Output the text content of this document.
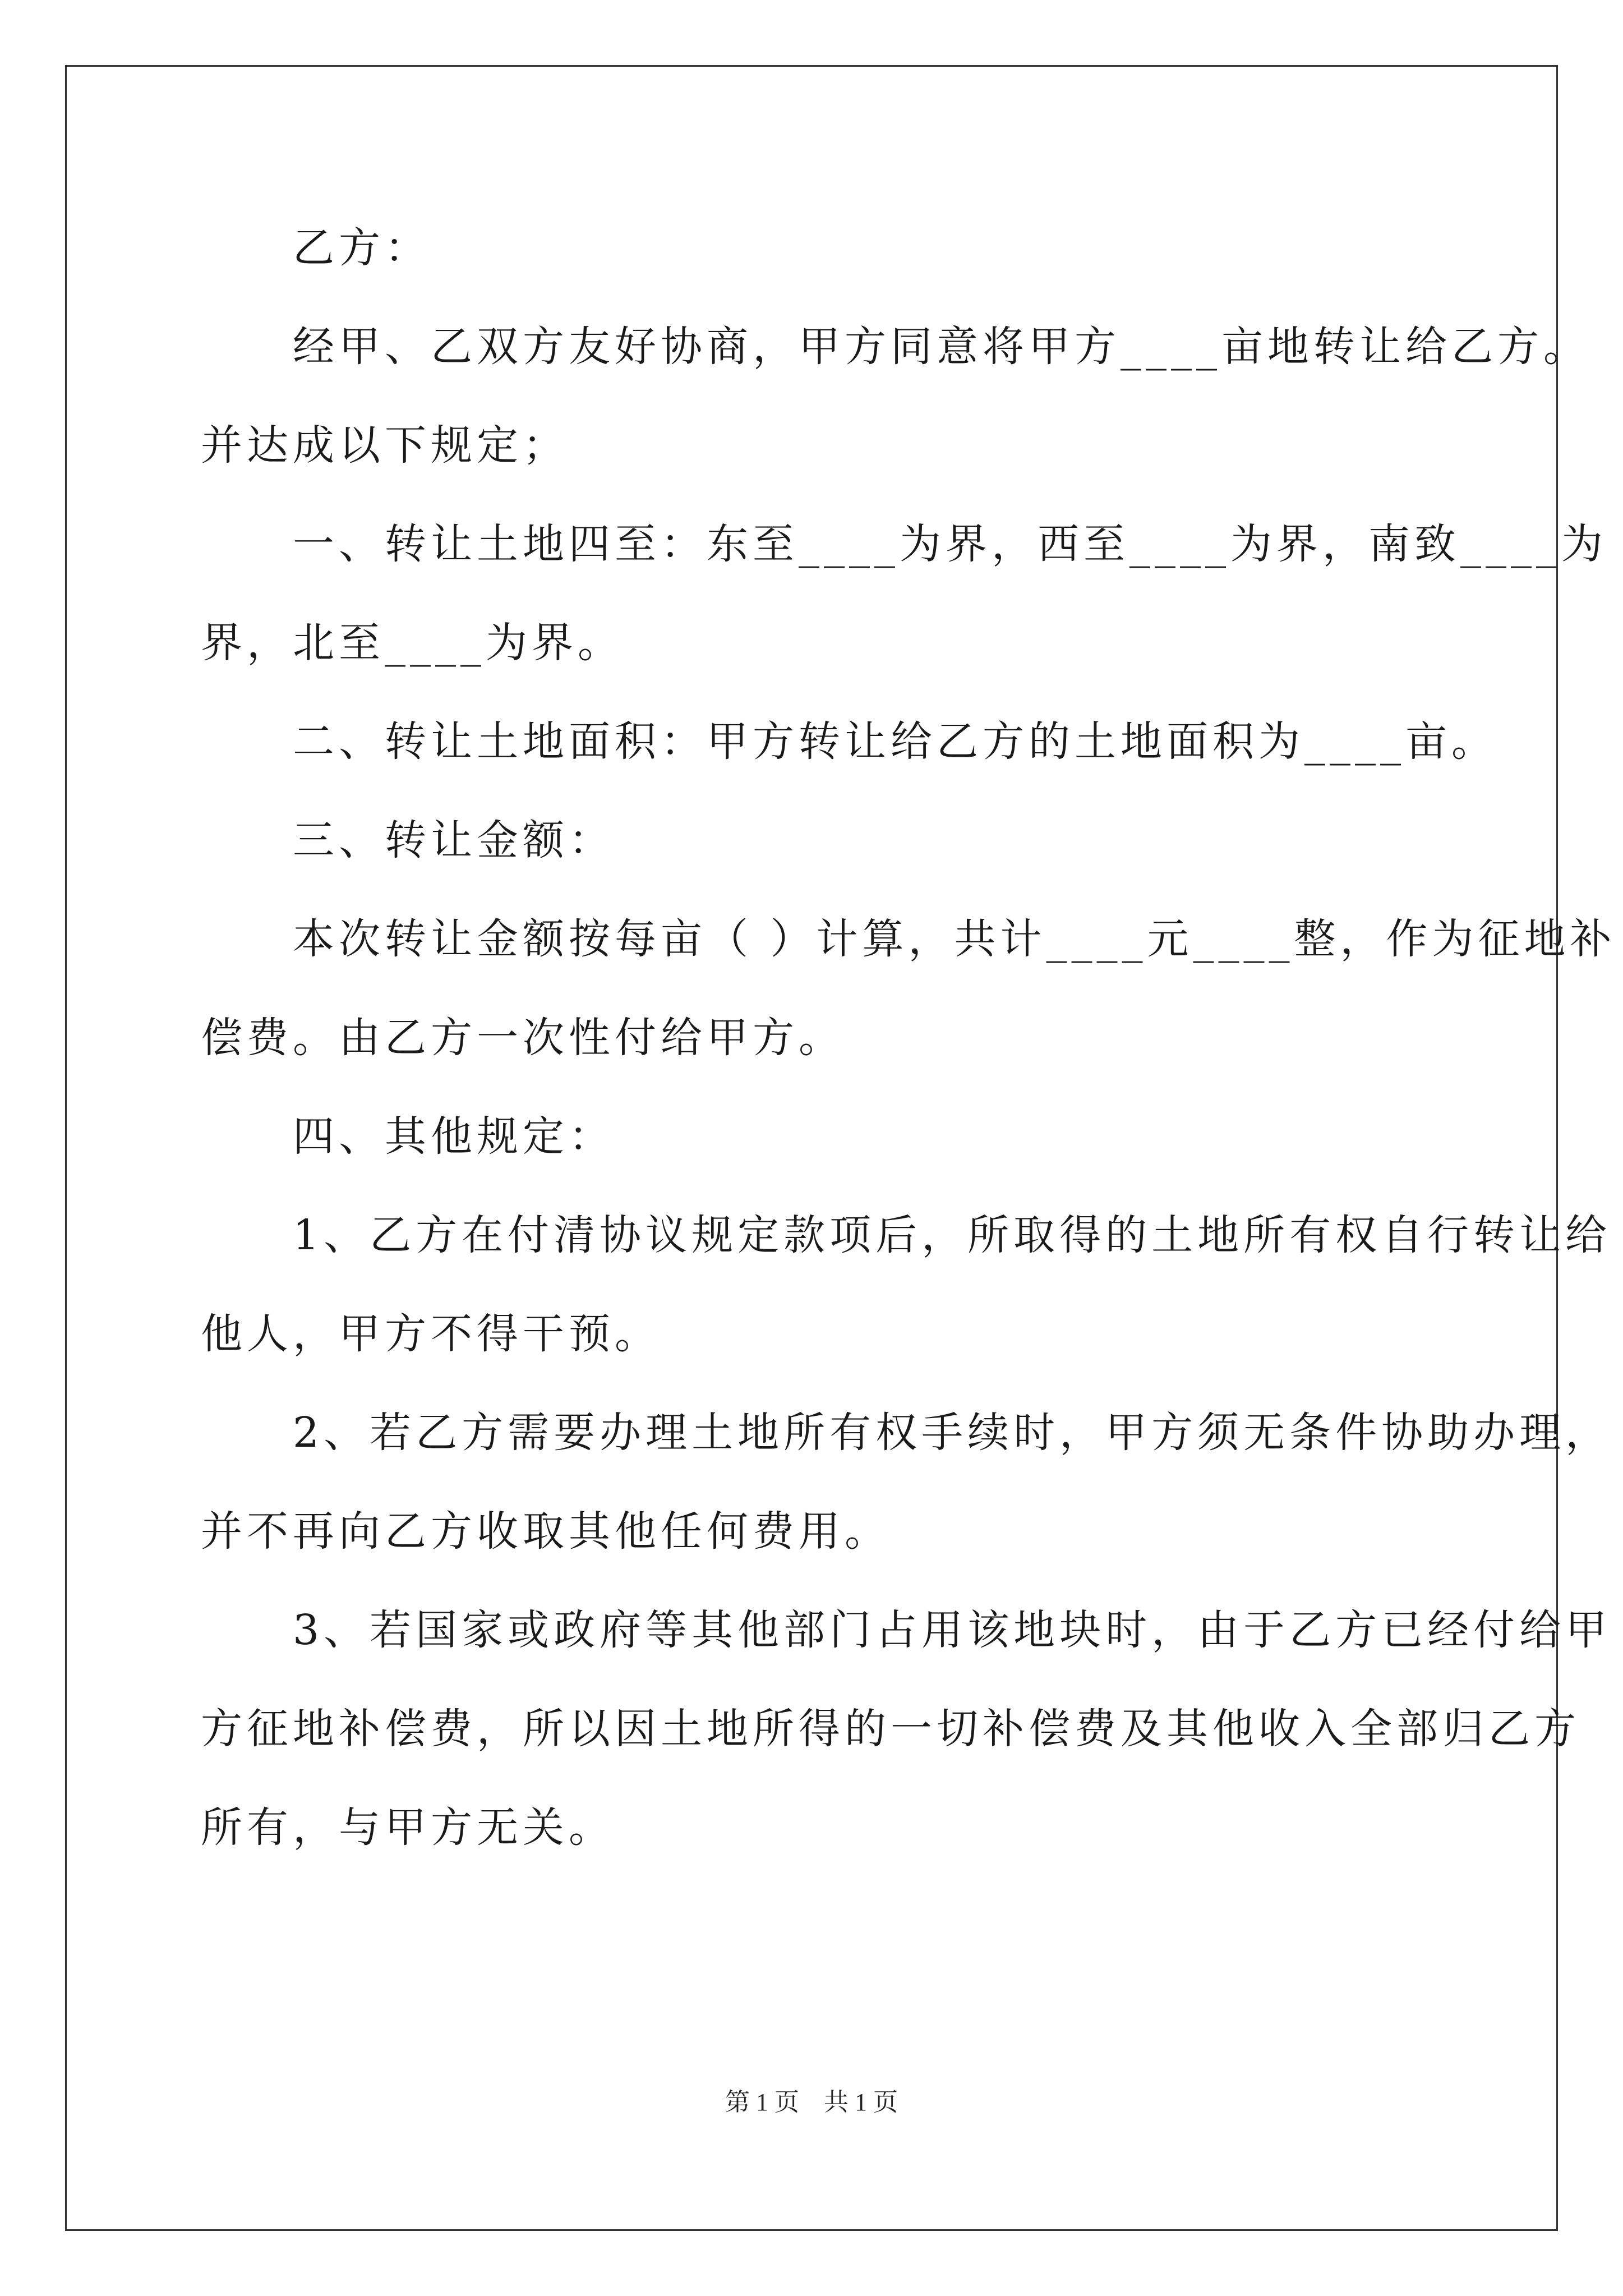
　　乙方：
　　经甲、乙双方友好协商，甲方同意将甲方____亩地转让给乙方。
并达成以下规定；
　　一、转让土地四至：东至____为界，西至____为界，南致____为
界，北至____为界。
　　二、转让土地面积：甲方转让给乙方的土地面积为____亩。
　　三、转让金额：
　　本次转让金额按每亩（ ）计算，共计____元____整，作为征地补
偿费。由乙方一次性付给甲方。
　　四、其他规定：
　　1、乙方在付清协议规定款项后，所取得的土地所有权自行转让给
他人，甲方不得干预。
　　2、若乙方需要办理土地所有权手续时，甲方须无条件协助办理，
并不再向乙方收取其他任何费用。
　　3、若国家或政府等其他部门占用该地块时，由于乙方已经付给甲
方征地补偿费，所以因土地所得的一切补偿费及其他收入全部归乙方
所有，与甲方无关。
第 1 页　共 1 页
